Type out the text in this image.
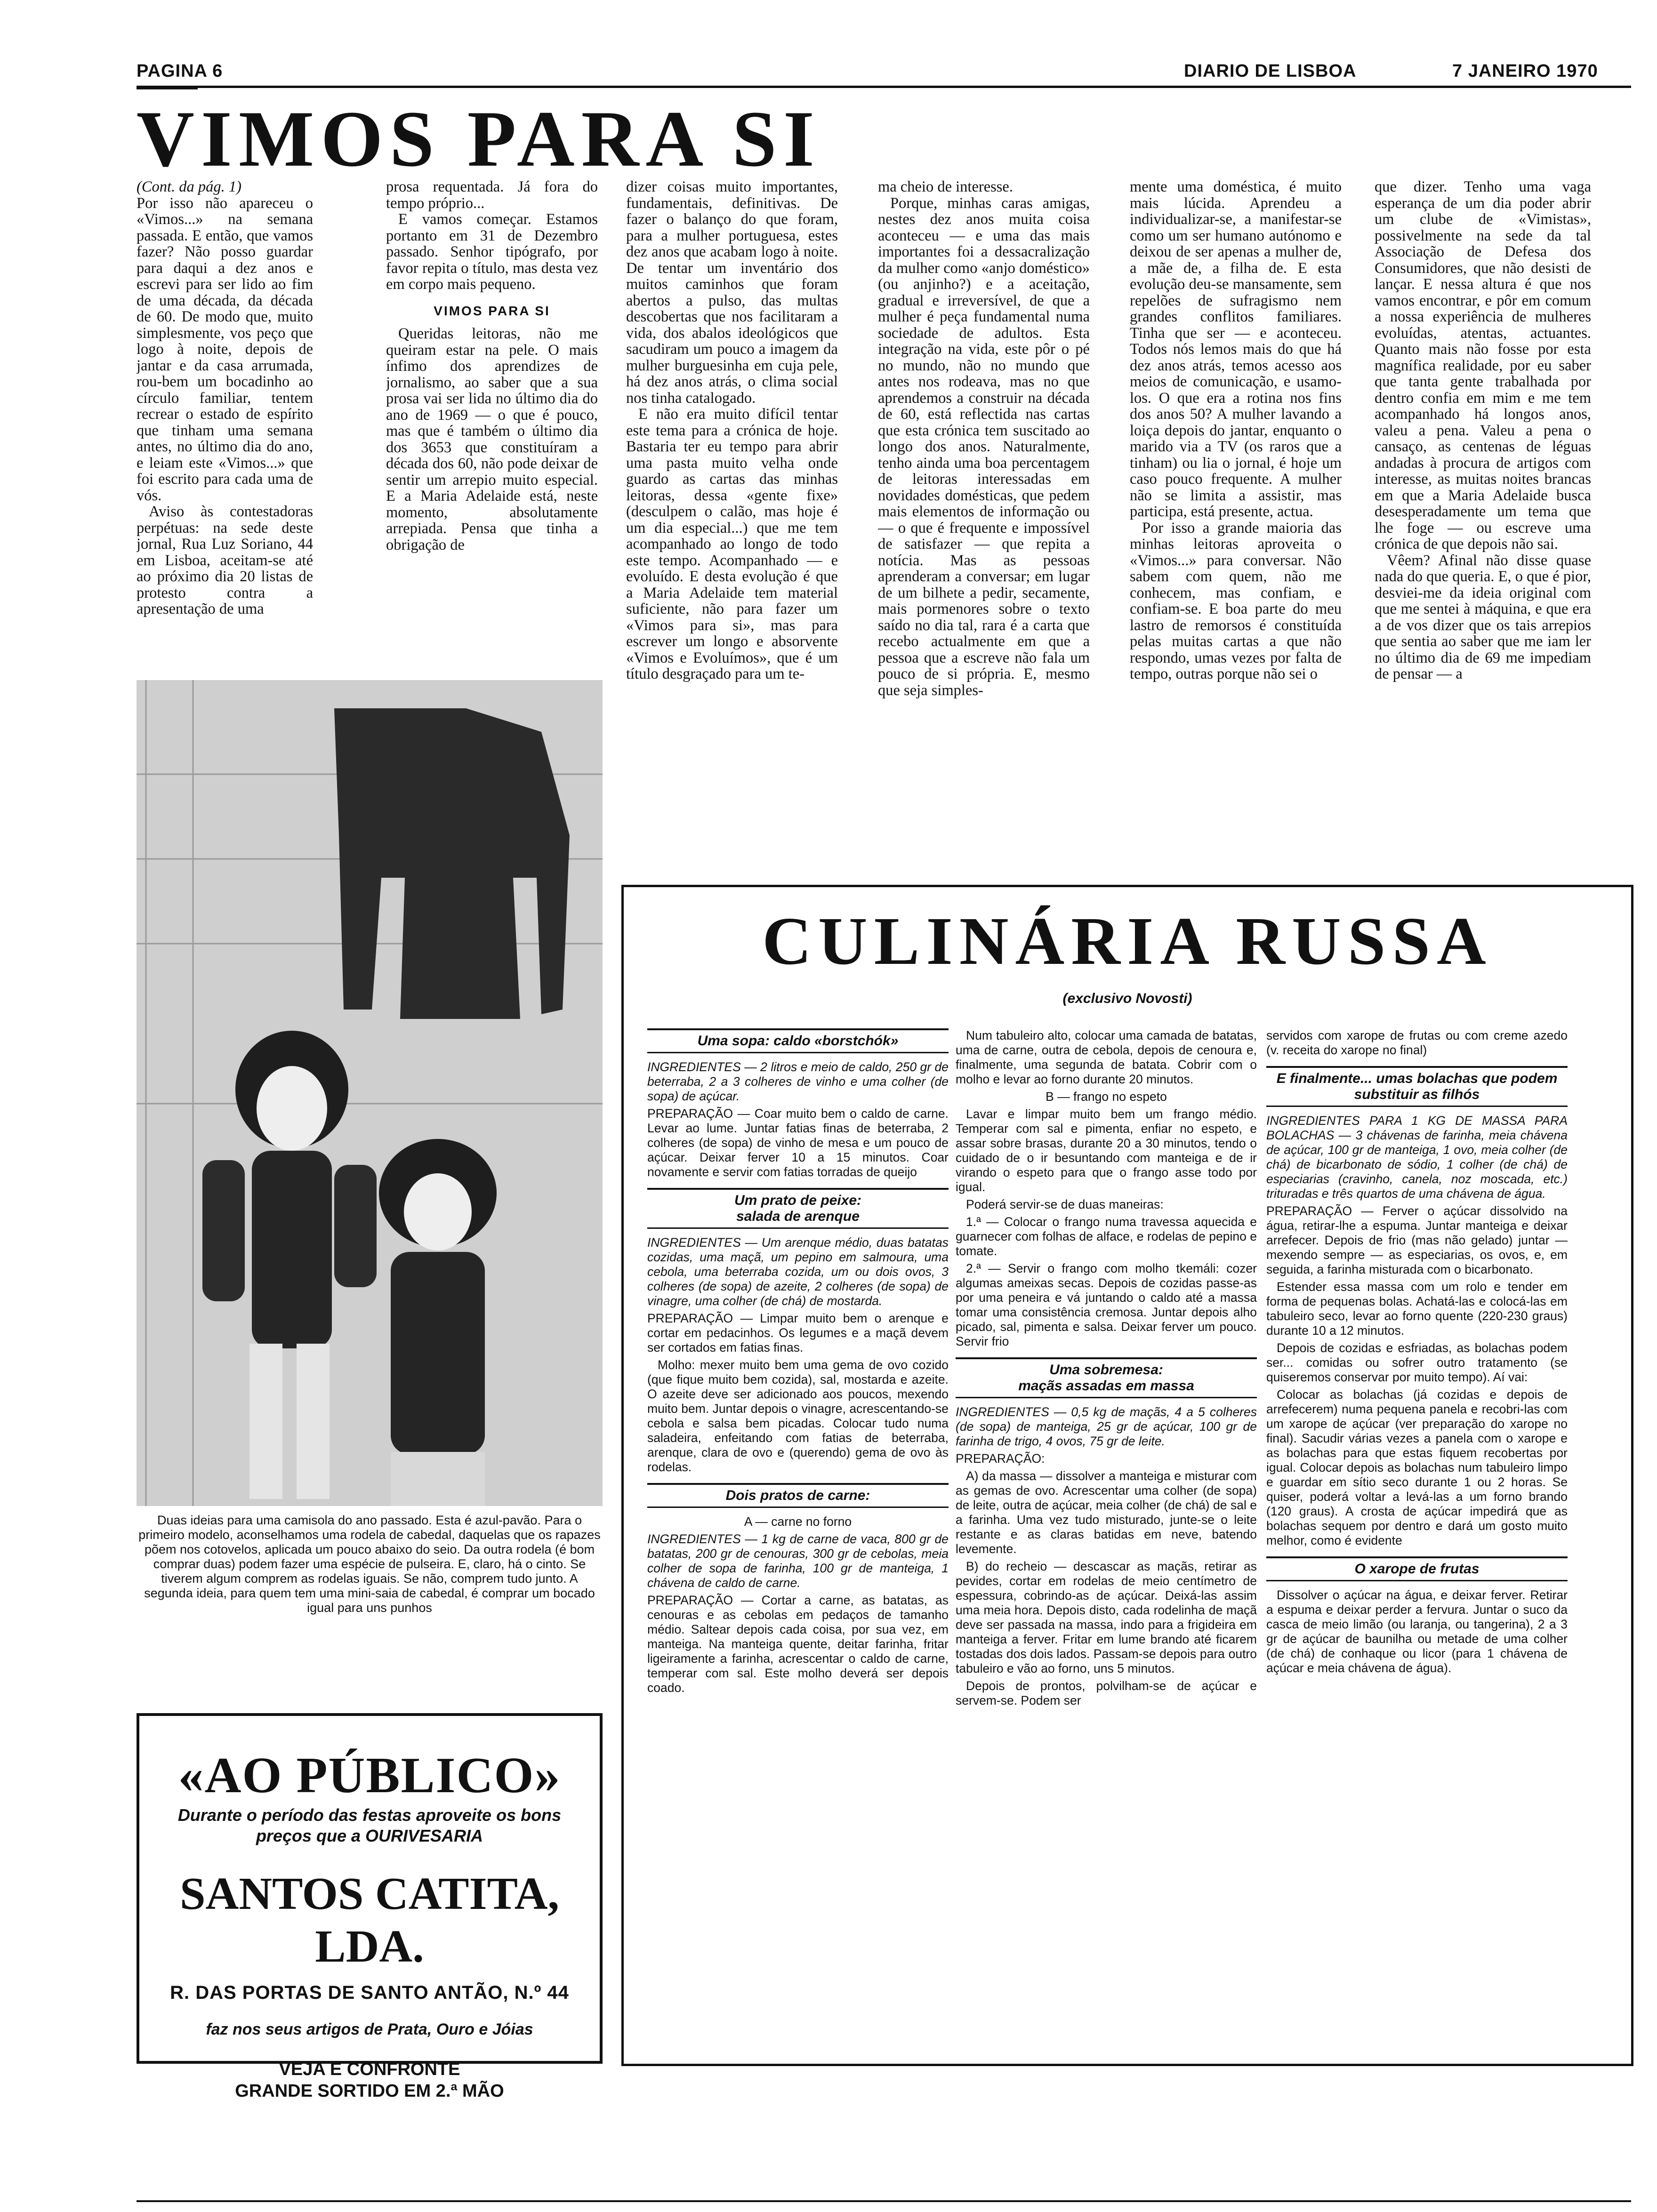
PAGINA 6	DIARIO DE LISBOA	7 JANEIRO 1970
VIMOS PARA SI

(Cont. da pág. 1)

Por isso não apareceu o «Vimos...» na semana passada. E então, que vamos fazer? Não posso guardar para daqui a dez anos e escrevi para ser lido ao fim de uma década, da década de 60. De modo que, muito simplesmente, vos peço que logo à noite, depois de jantar e da casa arrumada, rou-bem um bocadinho ao círculo familiar, tentem recrear o estado de espírito que tinham uma semana antes, no último dia do ano, e leiam este «Vimos...» que foi escrito para cada uma de vós.

Aviso às contestadoras perpétuas: na sede deste jornal, Rua Luz Soriano, 44 em Lisboa, aceitam-se até ao próximo dia 20 listas de protesto contra a apresentação de uma

prosa requentada. Já fora do tempo próprio...

E vamos começar. Estamos portanto em 31 de Dezembro passado. Senhor tipógrafo, por favor repita o título, mas desta vez em corpo mais pequeno.

VIMOS PARA SI

Queridas leitoras, não me queiram estar na pele. O mais ínfimo dos aprendizes de jornalismo, ao saber que a sua prosa vai ser lida no último dia do ano de 1969 — o que é pouco, mas que é também o último dia dos 3653 que constituíram a década dos 60, não pode deixar de sentir um arrepio muito especial. E a Maria Adelaide está, neste momento, absolutamente arrepiada. Pensa que tinha a obrigação de

dizer coisas muito importantes, fundamentais, definitivas. De fazer o balanço do que foram, para a mulher portuguesa, estes dez anos que acabam logo à noite. De tentar um inventário dos muitos caminhos que foram abertos a pulso, das multas descobertas que nos facilitaram a vida, dos abalos ideológicos que sacudiram um pouco a imagem da mulher burguesinha em cuja pele, há dez anos atrás, o clima social nos tinha catalogado.

E não era muito difícil tentar este tema para a crónica de hoje. Bastaria ter eu tempo para abrir uma pasta muito velha onde guardo as cartas das minhas leitoras, dessa «gente fixe» (desculpem o calão, mas hoje é um dia especial...) que me tem acompanhado ao longo de todo este tempo. Acompanhado — e evoluído. E desta evolução é que a Maria Adelaide tem material suficiente, não para fazer um «Vimos para si», mas para escrever um longo e absorvente «Vimos e Evoluímos», que é um título desgraçado para um te-

ma cheio de interesse.

Porque, minhas caras amigas, nestes dez anos muita coisa aconteceu — e uma das mais importantes foi a dessacralização da mulher como «anjo doméstico» (ou anjinho?) e a aceitação, gradual e irreversível, de que a mulher é peça fundamental numa sociedade de adultos. Esta integração na vida, este pôr o pé no mundo, não no mundo que antes nos rodeava, mas no que aprendemos a construir na década de 60, está reflectida nas cartas que esta crónica tem suscitado ao longo dos anos. Naturalmente, tenho ainda uma boa percentagem de leitoras interessadas em novidades domésticas, que pedem mais elementos de informação ou — o que é frequente e impossível de satisfazer — que repita a notícia. Mas as pessoas aprenderam a conversar; em lugar de um bilhete a pedir, secamente, mais pormenores sobre o texto saído no dia tal, rara é a carta que recebo actualmente em que a pessoa que a escreve não fala um pouco de si própria. E, mesmo que seja simples-

mente uma doméstica, é muito mais lúcida. Aprendeu a individualizar-se, a manifestar-se como um ser humano autónomo e deixou de ser apenas a mulher de, a mãe de, a filha de. E esta evolução deu-se mansamente, sem repelões de sufragismo nem grandes conflitos familiares. Tinha que ser — e aconteceu. Todos nós lemos mais do que há dez anos atrás, temos acesso aos meios de comunicação, e usamo-los. O que era a rotina nos fins dos anos 50? A mulher lavando a loiça depois do jantar, enquanto o marido via a TV (os raros que a tinham) ou lia o jornal, é hoje um caso pouco frequente. A mulher não se limita a assistir, mas participa, está presente, actua.

Por isso a grande maioria das minhas leitoras aproveita o «Vimos...» para conversar. Não sabem com quem, não me conhecem, mas confiam, e confiam-se. E boa parte do meu lastro de remorsos é constituída pelas muitas cartas a que não respondo, umas vezes por falta de tempo, outras porque não sei o

que dizer. Tenho uma vaga esperança de um dia poder abrir um clube de «Vimistas», possivelmente na sede da tal Associação de Defesa dos Consumidores, que não desisti de lançar. E nessa altura é que nos vamos encontrar, e pôr em comum a nossa experiência de mulheres evoluídas, atentas, actuantes. Quanto mais não fosse por esta magnífica realidade, por eu saber que tanta gente trabalhada por dentro confia em mim e me tem acompanhado há longos anos, valeu a pena. Valeu a pena o cansaço, as centenas de léguas andadas à procura de artigos com interesse, as muitas noites brancas em que a Maria Adelaide busca desesperadamente um tema que lhe foge — ou escreve uma crónica de que depois não sai.

Vêem? Afinal não disse quase nada do que queria. E, o que é pior, desviei-me da ideia original com que me sentei à máquina, e que era a de vos dizer que os tais arrepios que sentia ao saber que me iam ler no último dia de 69 me impediam de pensar — a

Duas ideias para uma camisola do ano passado. Esta é azul-pavão. Para o primeiro modelo, aconselhamos uma rodela de cabedal, daquelas que os rapazes põem nos cotovelos, aplicada um pouco abaixo do seio. Da outra rodela (é bom comprar duas) podem fazer uma espécie de pulseira. E, claro, há o cinto. Se tiverem algum comprem as rodelas iguais. Se não, comprem tudo junto. A segunda ideia, para quem tem uma mini-saia de cabedal, é comprar um bocado igual para uns punhos
«AO PÚBLICO»
Durante o período das festas aproveite os bons
preços que a OURIVESARIA
SANTOS CATITA, LDA.
R. DAS PORTAS DE SANTO ANTÃO, N.º 44
faz nos seus artigos de Prata, Ouro e Jóias
VEJA E CONFRONTE
GRANDE SORTIDO EM 2.ª MÃO
CULINÁRIA RUSSA
(exclusivo Novosti)
Uma sopa: caldo «borstchók»

INGREDIENTES — 2 litros e meio de caldo, 250 gr de beterraba, 2 a 3 colheres de vinho e uma colher (de sopa) de açúcar.

PREPARAÇÃO — Coar muito bem o caldo de carne. Levar ao lume. Juntar fatias finas de beterraba, 2 colheres (de sopa) de vinho de mesa e um pouco de açúcar. Deixar ferver 10 a 15 minutos. Coar novamente e servir com fatias torradas de queijo

Um prato de peixe:
salada de arenque

INGREDIENTES — Um arenque médio, duas batatas cozidas, uma maçã, um pepino em salmoura, uma cebola, uma beterraba cozida, um ou dois ovos, 3 colheres (de sopa) de azeite, 2 colheres (de sopa) de vinagre, uma colher (de chá) de mostarda.

PREPARAÇÃO — Limpar muito bem o arenque e cortar em pedacinhos. Os legumes e a maçã devem ser cortados em fatias finas.

Molho: mexer muito bem uma gema de ovo cozido (que fique muito bem cozida), sal, mostarda e azeite. O azeite deve ser adicionado aos poucos, mexendo muito bem. Juntar depois o vinagre, acrescentando-se cebola e salsa bem picadas. Colocar tudo numa saladeira, enfeitando com fatias de beterraba, arenque, clara de ovo e (querendo) gema de ovo às rodelas.

Dois pratos de carne:

A — carne no forno

INGREDIENTES — 1 kg de carne de vaca, 800 gr de batatas, 200 gr de cenouras, 300 gr de cebolas, meia colher de sopa de farinha, 100 gr de manteiga, 1 chávena de caldo de carne.

PREPARAÇÃO — Cortar a carne, as batatas, as cenouras e as cebolas em pedaços de tamanho médio. Saltear depois cada coisa, por sua vez, em manteiga. Na manteiga quente, deitar farinha, fritar ligeiramente a farinha, acrescentar o caldo de carne, temperar com sal. Este molho deverá ser depois coado.

Num tabuleiro alto, colocar uma camada de batatas, uma de carne, outra de cebola, depois de cenoura e, finalmente, uma segunda de batata. Cobrir com o molho e levar ao forno durante 20 minutos.

B — frango no espeto

Lavar e limpar muito bem um frango médio. Temperar com sal e pimenta, enfiar no espeto, e assar sobre brasas, durante 20 a 30 minutos, tendo o cuidado de o ir besuntando com manteiga e de ir virando o espeto para que o frango asse todo por igual.

Poderá servir-se de duas maneiras:

1.ª — Colocar o frango numa travessa aquecida e guarnecer com folhas de alface, e rodelas de pepino e tomate.

2.ª — Servir o frango com molho tkemáli: cozer algumas ameixas secas. Depois de cozidas passe-as por uma peneira e vá juntando o caldo até a massa tomar uma consistência cremosa. Juntar depois alho picado, sal, pimenta e salsa. Deixar ferver um pouco. Servir frio

Uma sobremesa:
maçãs assadas em massa

INGREDIENTES — 0,5 kg de maçãs, 4 a 5 colheres (de sopa) de manteiga, 25 gr de açúcar, 100 gr de farinha de trigo, 4 ovos, 75 gr de leite.

PREPARAÇÃO:

A) da massa — dissolver a manteiga e misturar com as gemas de ovo. Acrescentar uma colher (de sopa) de leite, outra de açúcar, meia colher (de chá) de sal e a farinha. Uma vez tudo misturado, junte-se o leite restante e as claras batidas em neve, batendo levemente.

B) do recheio — descascar as maçãs, retirar as pevides, cortar em rodelas de meio centímetro de espessura, cobrindo-as de açúcar. Deixá-las assim uma meia hora. Depois disto, cada rodelinha de maçã deve ser passada na massa, indo para a frigideira em manteiga a ferver. Fritar em lume brando até ficarem tostadas dos dois lados. Passam-se depois para outro tabuleiro e vão ao forno, uns 5 minutos.

Depois de prontos, polvilham-se de açúcar e servem-se. Podem ser

servidos com xarope de frutas ou com creme azedo (v. receita do xarope no final)

E finalmente... umas bolachas que podem substituir as filhós

INGREDIENTES PARA 1 KG DE MASSA PARA BOLACHAS — 3 chávenas de farinha, meia chávena de açúcar, 100 gr de manteiga, 1 ovo, meia colher (de chá) de bicarbonato de sódio, 1 colher (de chá) de especiarias (cravinho, canela, noz moscada, etc.) trituradas e três quartos de uma chávena de água.

PREPARAÇÃO — Ferver o açúcar dissolvido na água, retirar-lhe a espuma. Juntar manteiga e deixar arrefecer. Depois de frio (mas não gelado) juntar — mexendo sempre — as especiarias, os ovos, e, em seguida, a farinha misturada com o bicarbonato.

Estender essa massa com um rolo e tender em forma de pequenas bolas. Achatá-las e colocá-las em tabuleiro seco, levar ao forno quente (220-230 graus) durante 10 a 12 minutos.

Depois de cozidas e esfriadas, as bolachas podem ser... comidas ou sofrer outro tratamento (se quiseremos conservar por muito tempo). Aí vai:

Colocar as bolachas (já cozidas e depois de arrefecerem) numa pequena panela e recobri-las com um xarope de açúcar (ver preparação do xarope no final). Sacudir várias vezes a panela com o xarope e as bolachas para que estas fiquem recobertas por igual. Colocar depois as bolachas num tabuleiro limpo e guardar em sítio seco durante 1 ou 2 horas. Se quiser, poderá voltar a levá-las a um forno brando (120 graus). A crosta de açúcar impedirá que as bolachas sequem por dentro e dará um gosto muito melhor, como é evidente

O xarope de frutas

Dissolver o açúcar na água, e deixar ferver. Retirar a espuma e deixar perder a fervura. Juntar o suco da casca de meio limão (ou laranja, ou tangerina), 2 a 3 gr de açúcar de baunilha ou metade de uma colher (de chá) de conhaque ou licor (para 1 chávena de açúcar e meia chávena de água).
